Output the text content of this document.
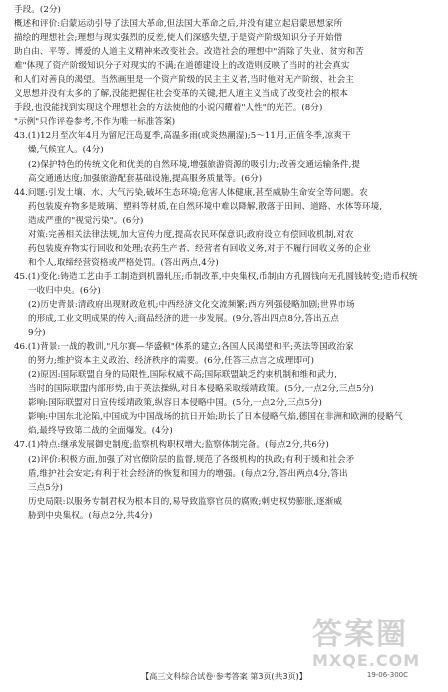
手段。(2分)

概述和评价:启蒙运动引导了法国大革命,但法国大革命之后,并没有建立起启蒙思想家所

描绘的理想社会;理想与现实强烈的反差,使人们深感失望,于是资产阶级知识分子开始借

助自由、平等、博爱的人道主义精神来改变社会。改造社会的理想中"消除了失业、贫穷和苦

难"体现了资产阶级知识分子对现实的不满;在道德建设上的改造则反映了当时的社会真实

和人们对善良的渴望。当然画里是一个资产阶级的民主主义者,当时他对无产阶级、社会主

义思想并没有太多的了解,没能把握住社会变革的关键,把人道主义当成了改变社会的根本

手段,也没能找到实现这个理想社会的方法使他的小说闪耀着"人性"的光芒。(8分)

"示例"只作评卷参考,不作为唯一标准答案)

43.(1)12月至次年4月为留尼汪岛夏季,高温多雨(或炎热潮湿);5～11月,正值冬季,凉爽干

燥,气候宜人。(4分)

(2)保护特色的传统文化和优美的自然环境,增强旅游资源的吸引力;改善交通运输条件,提

高交通通达度;加强旅游配套基础设施,提高服务质量等。(6分)

44.问题:引发土壤、水、大气污染,破坏生态环境;危害人体健康,甚至威胁生命安全等问题。农

药包装废弃物多是玻璃、塑料等材质,在自然环境中难以降解,散落于田间、道路、水体等环境,

造成严重的"视觉污染"。(6分)

对策:完善相关法律法规,加大宣传力度,提高农民环保意识;政府设立有偿回收机制,对农

药包装废弃物实行回收和处理;农药生产者、经营者有回收义务,对于不履行回收义务的企业

和个人,取缔经营资格或严格处罚。(答出两点,4分)

45.(1)变化:铸造工艺由手工制造到机器轧压;币制改革,中央集权,币制由方孔圆钱向无孔圆钱转变;造币权统

一收归中央。(6分)

(2)历史背景:清政府出现财政危机;中西经济文化交流频繁;西方列强侵略加剧;世界市场

的形成,工业文明成果的传入;商品经济的进一步发展。(9分,答出四点8分,答出五点

9分)

46.(1)背景:一战的教训,"凡尔赛—华盛顿"体系的建立;各国人民渴望和平;英法等国政治家

的努力;维护资本主义政治、经济秩序的需要。(6分,任答三点言之成理即可)

(2)原因:国际联盟自身的局限性,国际权威不高;国际联盟缺乏约束机制和维和武力,

当时的国际联盟内部形势,由于英法操纵,对日本侵略采取绥靖政策。(5分,一点2分,三点5分)

影响:国际联盟对日宣传绥靖政策,纵容日本侵略中国。(5分,一点2分,三点5分)

影响:中国东北沦陷,中国成为中国战场的抗日开始;助长了日本侵略气焰,德国在非洲和欧洲的侵略气

焰,最终导致第二战的全面爆发。(4分)

47.(1)特点:继承发展御史制度;监察机构职权增大;监察体制完备。(每点2分,共6分)

(2)评价:积极方面,加强了对官僚阶层的监督,规范了各级机构的执政;有利于缓和社会矛

盾,维护社会安定;有利于社会经济的恢复和国力的增强。(每点2分,答出两点4分,答出

三点5分)

历史局限:以服务专制君权为根本目的,易导致监察官员的腐败;刺史权势膨胀,逐渐威

胁到中央集权。(每点2分,共4分)

答案圈
MXQE.COM
【高三文科综合试卷·参考答案 第3页(共3页)】	19-06-300C
